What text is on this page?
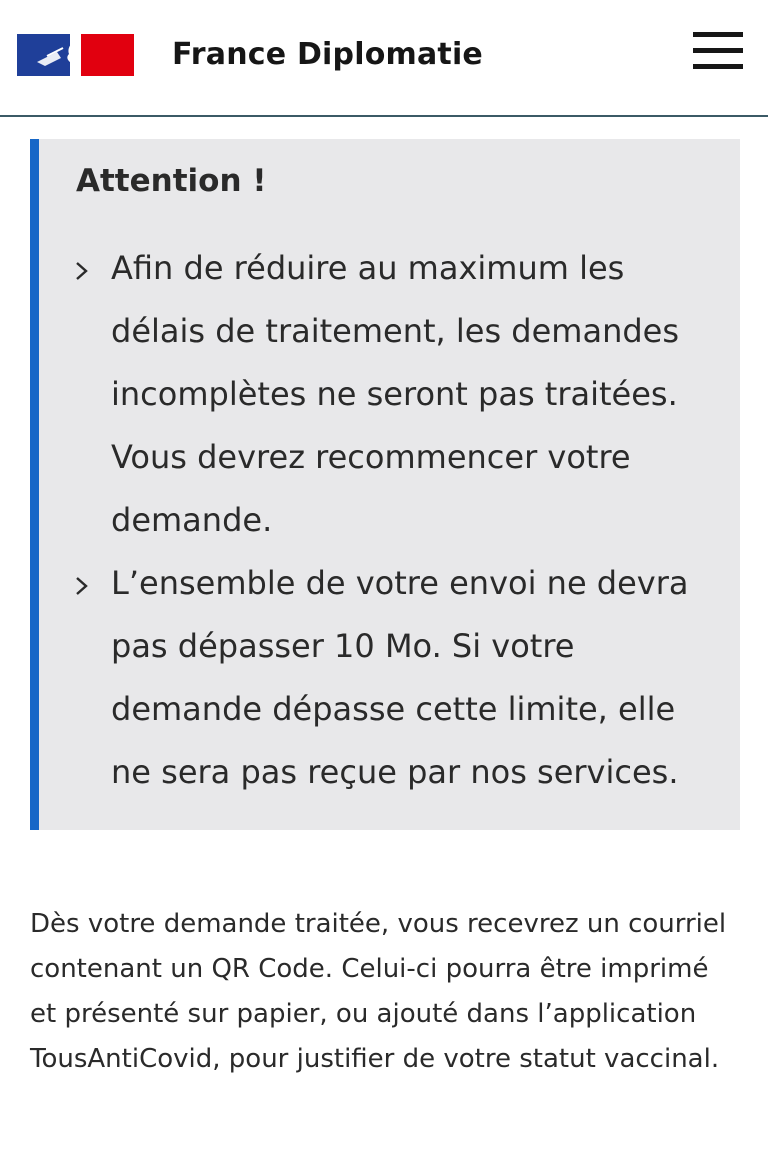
France Diplomatie
Attention !
Afin de réduire au maximum les délais de traitement, les demandes incomplètes ne seront pas traitées. Vous devrez recommencer votre demande.
L’ensemble de votre envoi ne devra pas dépasser 10 Mo. Si votre demande dépasse cette limite, elle ne sera pas reçue par nos services.

Dès votre demande traitée, vous recevrez un courriel contenant un QR Code. Celui-ci pourra être imprimé et présenté sur papier, ou ajouté dans l’application TousAntiCovid, pour justifier de votre statut vaccinal.
